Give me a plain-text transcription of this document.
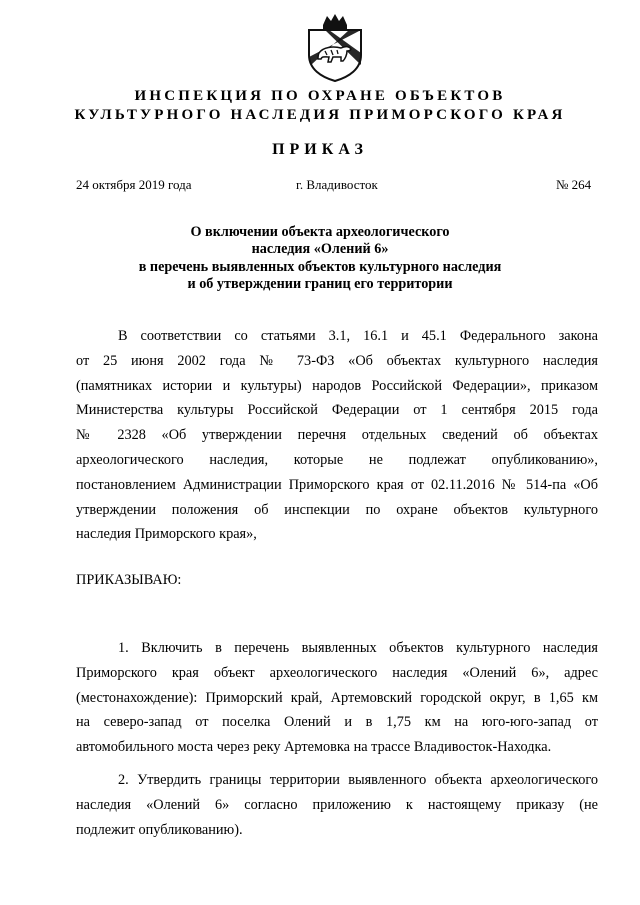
ИНСПЕКЦИЯ ПО ОХРАНЕ ОБЪЕКТОВ
КУЛЬТУРНОГО НАСЛЕДИЯ ПРИМОРСКОГО КРАЯ
ПРИКАЗ
24 октября 2019 года	г. Владивосток	№ 264
О включении объекта археологического
наследия «Олений 6»
в перечень выявленных объектов культурного наследия
и об утверждении границ его территории
В соответствии со статьями 3.1, 16.1 и 45.1 Федерального закона
от 25 июня 2002 года № 73-ФЗ «Об объектах культурного наследия
(памятниках истории и культуры) народов Российской Федерации», приказом
Министерства культуры Российской Федерации от 1 сентября 2015 года
№ 2328 «Об утверждении перечня отдельных сведений об объектах
археологического наследия, которые не подлежат опубликованию»,
постановлением Администрации Приморского края от 02.11.2016 № 514-па «Об
утверждении положения об инспекции по охране объектов культурного
наследия Приморского края»,
ПРИКАЗЫВАЮ:
1. Включить в перечень выявленных объектов культурного наследия
Приморского края объект археологического наследия «Олений 6», адрес
(местонахождение): Приморский край, Артемовский городской округ, в 1,65 км
на северо-запад от поселка Олений и в 1,75 км на юго-юго-запад от
автомобильного моста через реку Артемовка на трассе Владивосток-Находка.
2. Утвердить границы территории выявленного объекта археологического
наследия «Олений 6» согласно приложению к настоящему приказу (не
подлежит опубликованию).
